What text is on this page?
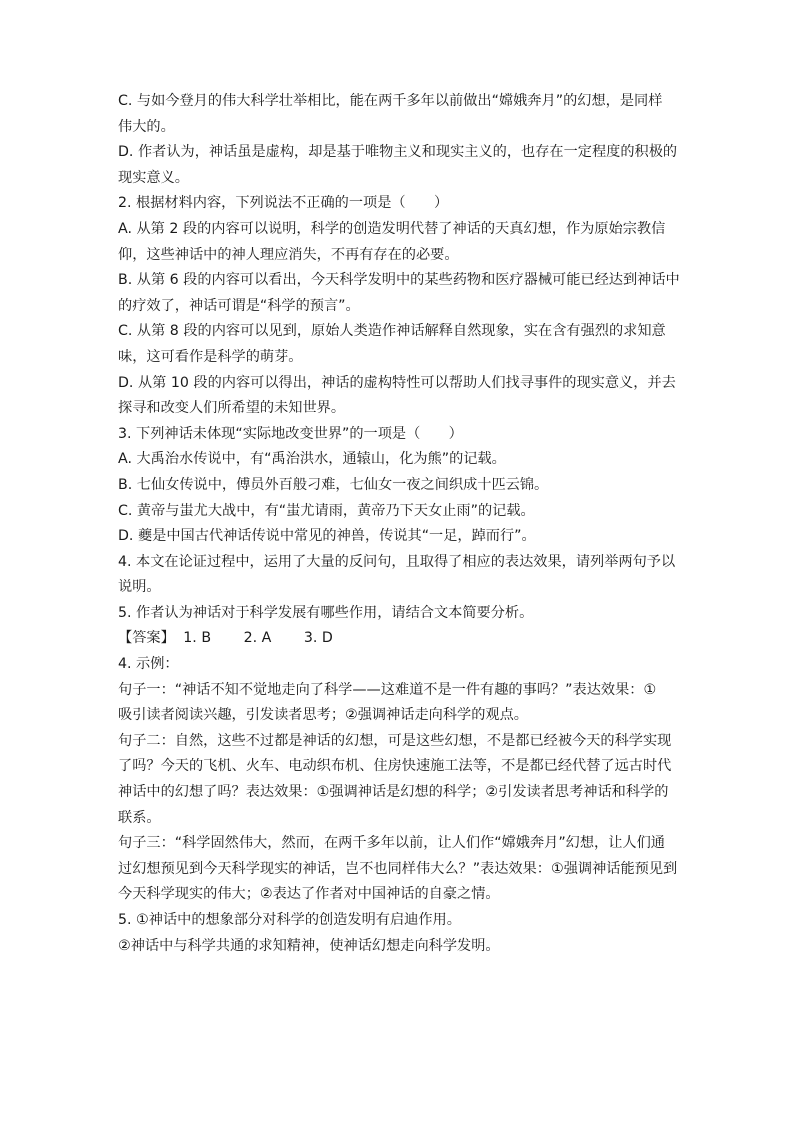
C. 与如今登月的伟大科学壮举相比，能在两千多年以前做出“嫦娥奔月”的幻想，是同样
伟大的。
D. 作者认为，神话虽是虚构，却是基于唯物主义和现实主义的，也存在一定程度的积极的
现实意义。
2. 根据材料内容，下列说法不正确的一项是（　　）
A. 从第 2 段的内容可以说明，科学的创造发明代替了神话的天真幻想，作为原始宗教信
仰，这些神话中的神人理应消失，不再有存在的必要。
B. 从第 6 段的内容可以看出，今天科学发明中的某些药物和医疗器械可能已经达到神话中
的疗效了，神话可谓是“科学的预言”。
C. 从第 8 段的内容可以见到，原始人类造作神话解释自然现象，实在含有强烈的求知意
味，这可看作是科学的萌芽。
D. 从第 10 段的内容可以得出，神话的虚构特性可以帮助人们找寻事件的现实意义，并去
探寻和改变人们所希望的未知世界。
3. 下列神话未体现“实际地改变世界”的一项是（　　）
A. 大禹治水传说中，有“禹治洪水，通辕山，化为熊”的记载。
B. 七仙女传说中，傅员外百般刁难，七仙女一夜之间织成十匹云锦。
C. 黄帝与蚩尤大战中，有“蚩尤请雨，黄帝乃下天女止雨”的记载。
D. 夔是中国古代神话传说中常见的神兽，传说其“一足，踔而行”。
4. 本文在论证过程中，运用了大量的反问句，且取得了相应的表达效果，请列举两句予以
说明。
5. 作者认为神话对于科学发展有哪些作用，请结合文本简要分析。
【答案】 1. B 2. A 3. D
4. 示例：
句子一：“神话不知不觉地走向了科学——这难道不是一件有趣的事吗？”表达效果：①
吸引读者阅读兴趣，引发读者思考；②强调神话走向科学的观点。
句子二：自然，这些不过都是神话的幻想，可是这些幻想，不是都已经被今天的科学实现
了吗？今天的飞机、火车、电动织布机、住房快速施工法等，不是都已经代替了远古时代
神话中的幻想了吗？表达效果：①强调神话是幻想的科学；②引发读者思考神话和科学的
联系。
句子三：“科学固然伟大，然而，在两千多年以前，让人们作“嫦娥奔月”幻想，让人们通
过幻想预见到今天科学现实的神话，岂不也同样伟大么？”表达效果：①强调神话能预见到
今天科学现实的伟大；②表达了作者对中国神话的自豪之情。
5. ①神话中的想象部分对科学的创造发明有启迪作用。
②神话中与科学共通的求知精神，使神话幻想走向科学发明。
